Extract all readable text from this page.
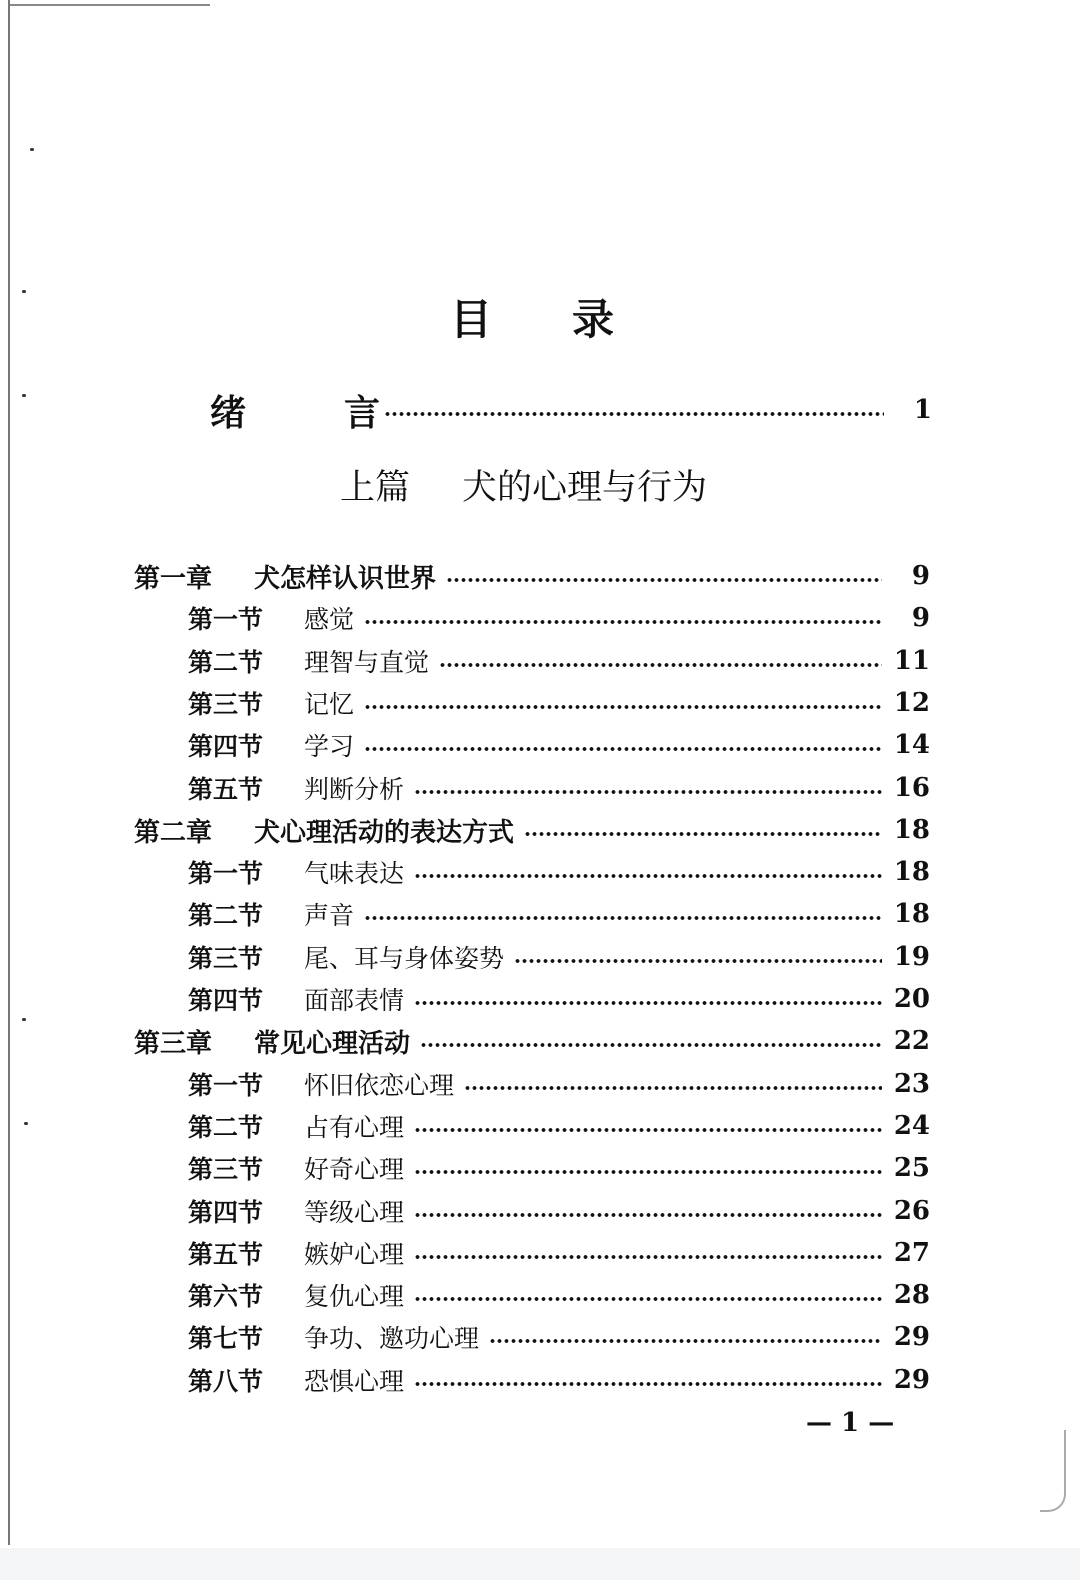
目 录
绪	言	1
上篇 犬的心理与行为
第一章	犬怎样认识世界	9
第一节	感觉	9
第二节	理智与直觉	11
第三节	记忆	12
第四节	学习	14
第五节	判断分析	16
第二章	犬心理活动的表达方式	18
第一节	气味表达	18
第二节	声音	18
第三节	尾、耳与身体姿势	19
第四节	面部表情	20
第三章	常见心理活动	22
第一节	怀旧依恋心理	23
第二节	占有心理	24
第三节	好奇心理	25
第四节	等级心理	26
第五节	嫉妒心理	27
第六节	复仇心理	28
第七节	争功、邀功心理	29
第八节	恐惧心理	29
— 1 —
